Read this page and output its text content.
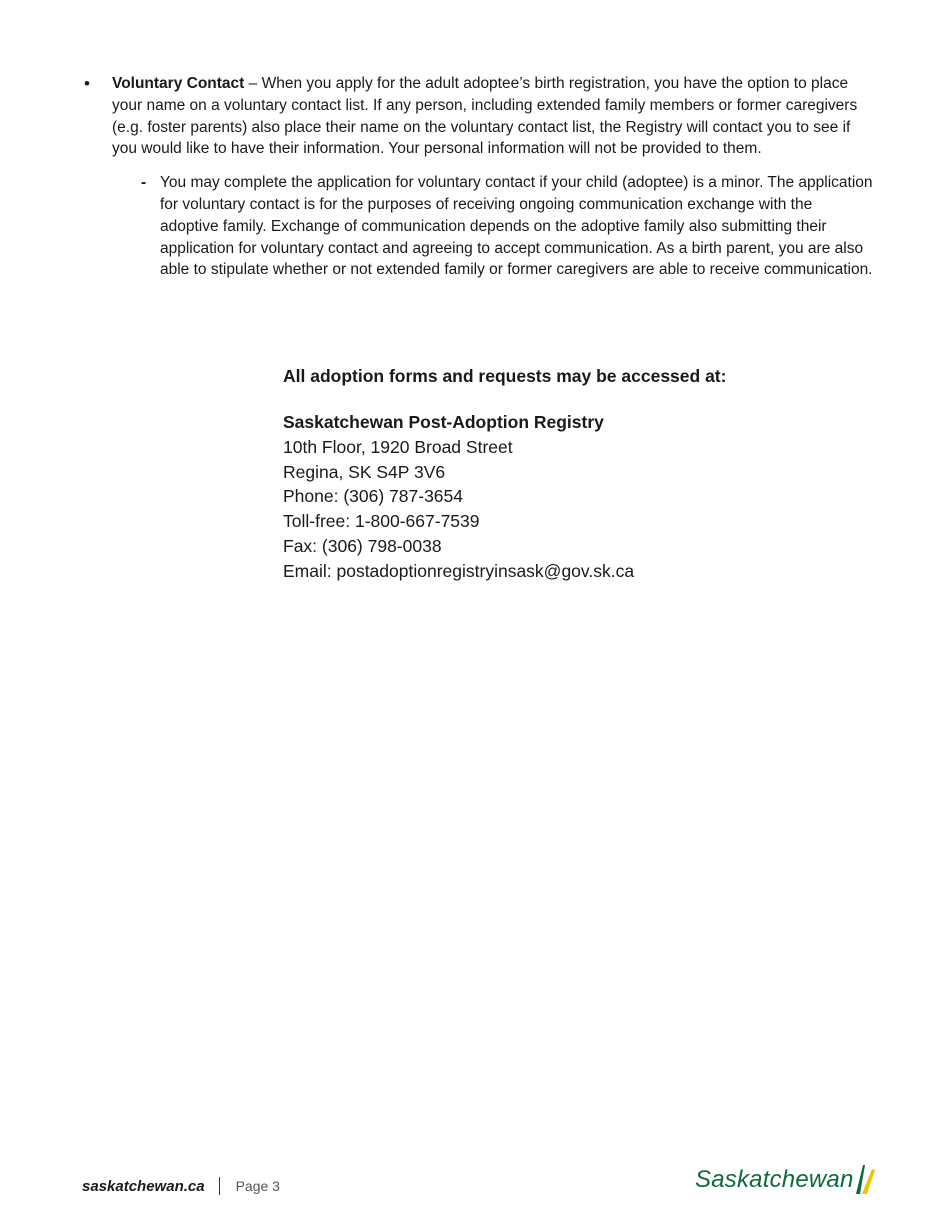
• Voluntary Contact – When you apply for the adult adoptee’s birth registration, you have the option to place your name on a voluntary contact list. If any person, including extended family members or former caregivers (e.g. foster parents) also place their name on the voluntary contact list, the Registry will contact you to see if you would like to have their information. Your personal information will not be provided to them.
- You may complete the application for voluntary contact if your child (adoptee) is a minor. The application for voluntary contact is for the purposes of receiving ongoing communication exchange with the adoptive family. Exchange of communication depends on the adoptive family also submitting their application for voluntary contact and agreeing to accept communication. As a birth parent, you are also able to stipulate whether or not extended family or former caregivers are able to receive communication.

All adoption forms and requests may be accessed at:

Saskatchewan Post-Adoption Registry
10th Floor, 1920 Broad Street
Regina, SK S4P 3V6
Phone: (306) 787-3654
Toll-free: 1-800-667-7539
Fax: (306) 798-0038
Email: postadoptionregistryinsask@gov.sk.ca
saskatchewan.ca Page 3	Saskatchewan
